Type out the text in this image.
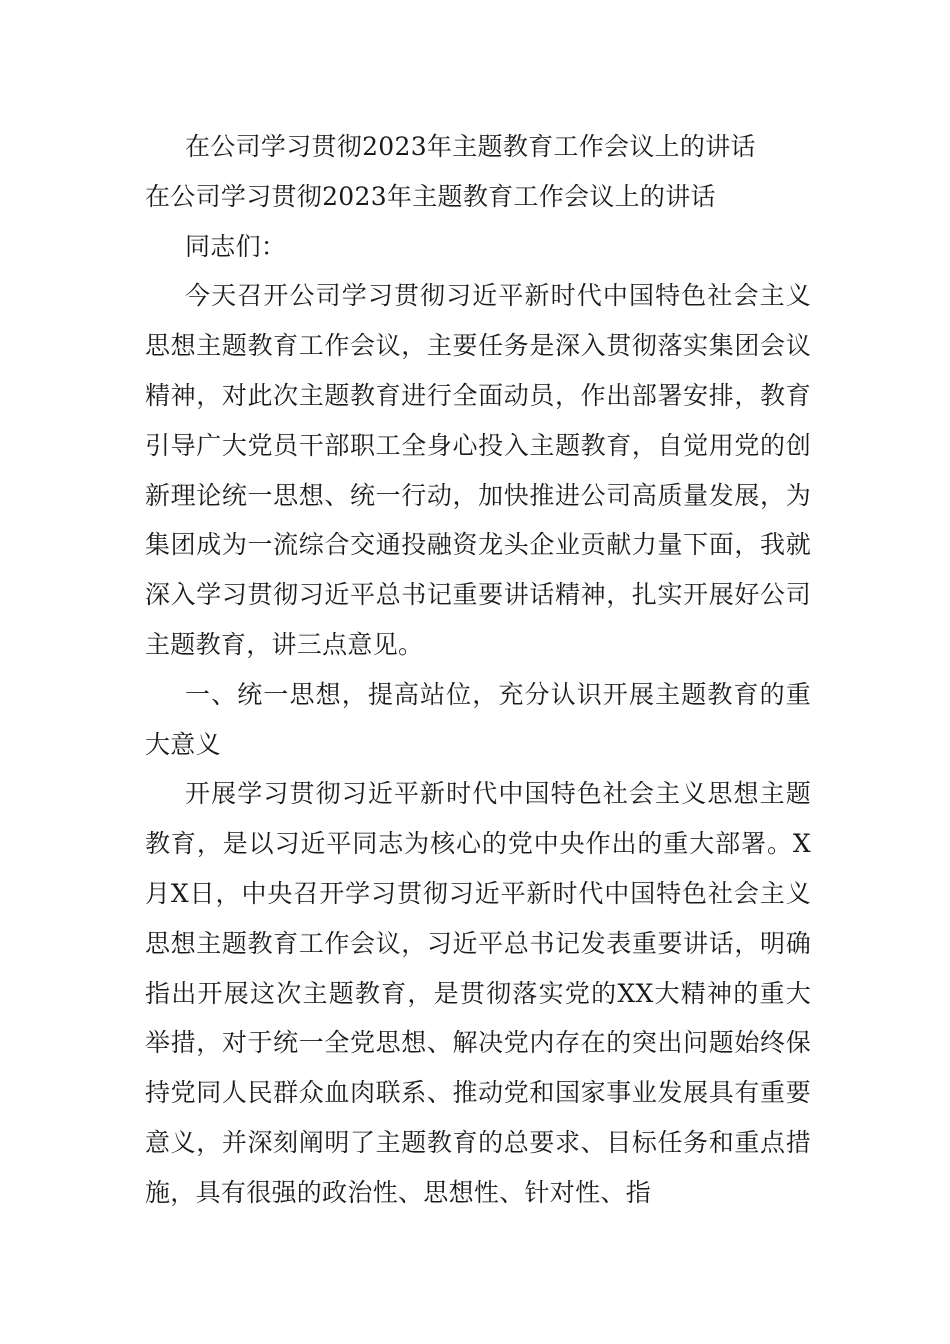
在公司学习贯彻2023年主题教育工作会议上的讲话

在公司学习贯彻2023年主题教育工作会议上的讲话

同志们：

今天召开公司学习贯彻习近平新时代中国特色社会主义思想主题教育工作会议，主要任务是深入贯彻落实集团会议精神，对此次主题教育进行全面动员，作出部署安排，教育引导广大党员干部职工全身心投入主题教育，自觉用党的创新理论统一思想、统一行动，加快推进公司高质量发展，为集团成为一流综合交通投融资龙头企业贡献力量下面，我就深入学习贯彻习近平总书记重要讲话精神，扎实开展好公司主题教育，讲三点意见。

一、统一思想，提高站位，充分认识开展主题教育的重大意义

开展学习贯彻习近平新时代中国特色社会主义思想主题教育，是以习近平同志为核心的党中央作出的重大部署。X月X日，中央召开学习贯彻习近平新时代中国特色社会主义思想主题教育工作会议，习近平总书记发表重要讲话，明确指出开展这次主题教育，是贯彻落实党的XX大精神的重大举措，对于统一全党思想、解决党内存在的突出问题始终保持党同人民群众血肉联系、推动党和国家事业发展具有重要意义，并深刻阐明了主题教育的总要求、目标任务和重点措施，具有很强的政治性、思想性、针对性、指
